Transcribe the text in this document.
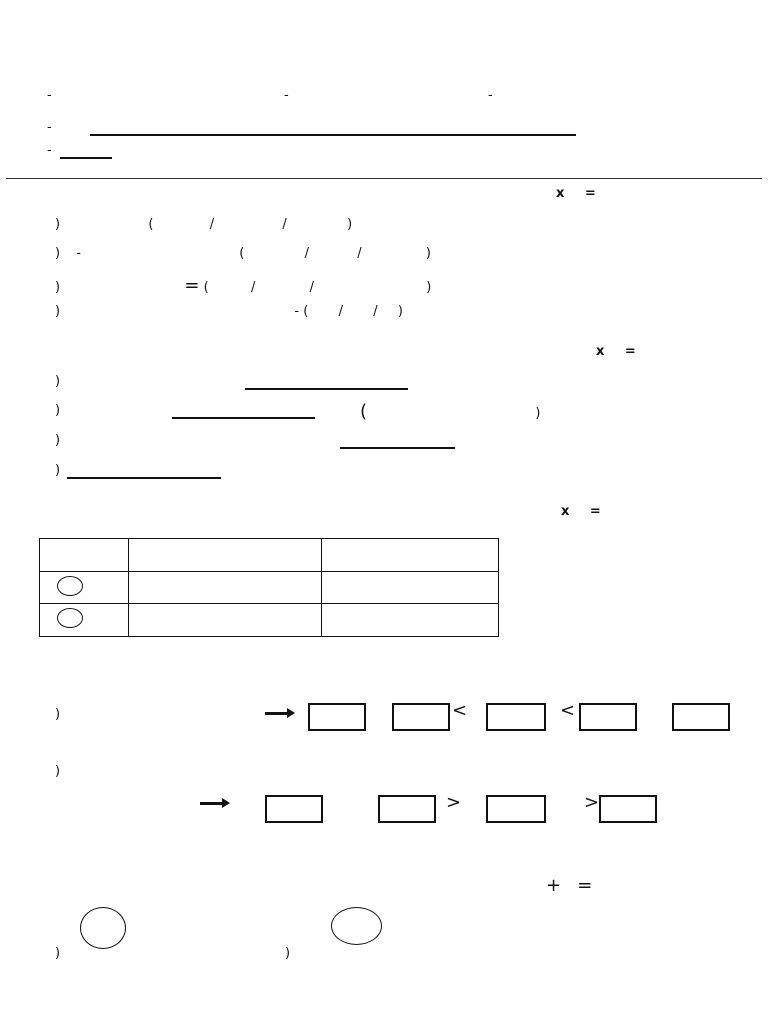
-	-	-
-
-
x =
)	(	/	/	)
) -	(	/	/	)
)	= (	/	/	)
)	- ( / / )
x =
)
)	(	)
)
)
x =

)	<	<
)

>	>
+ =
)	)
